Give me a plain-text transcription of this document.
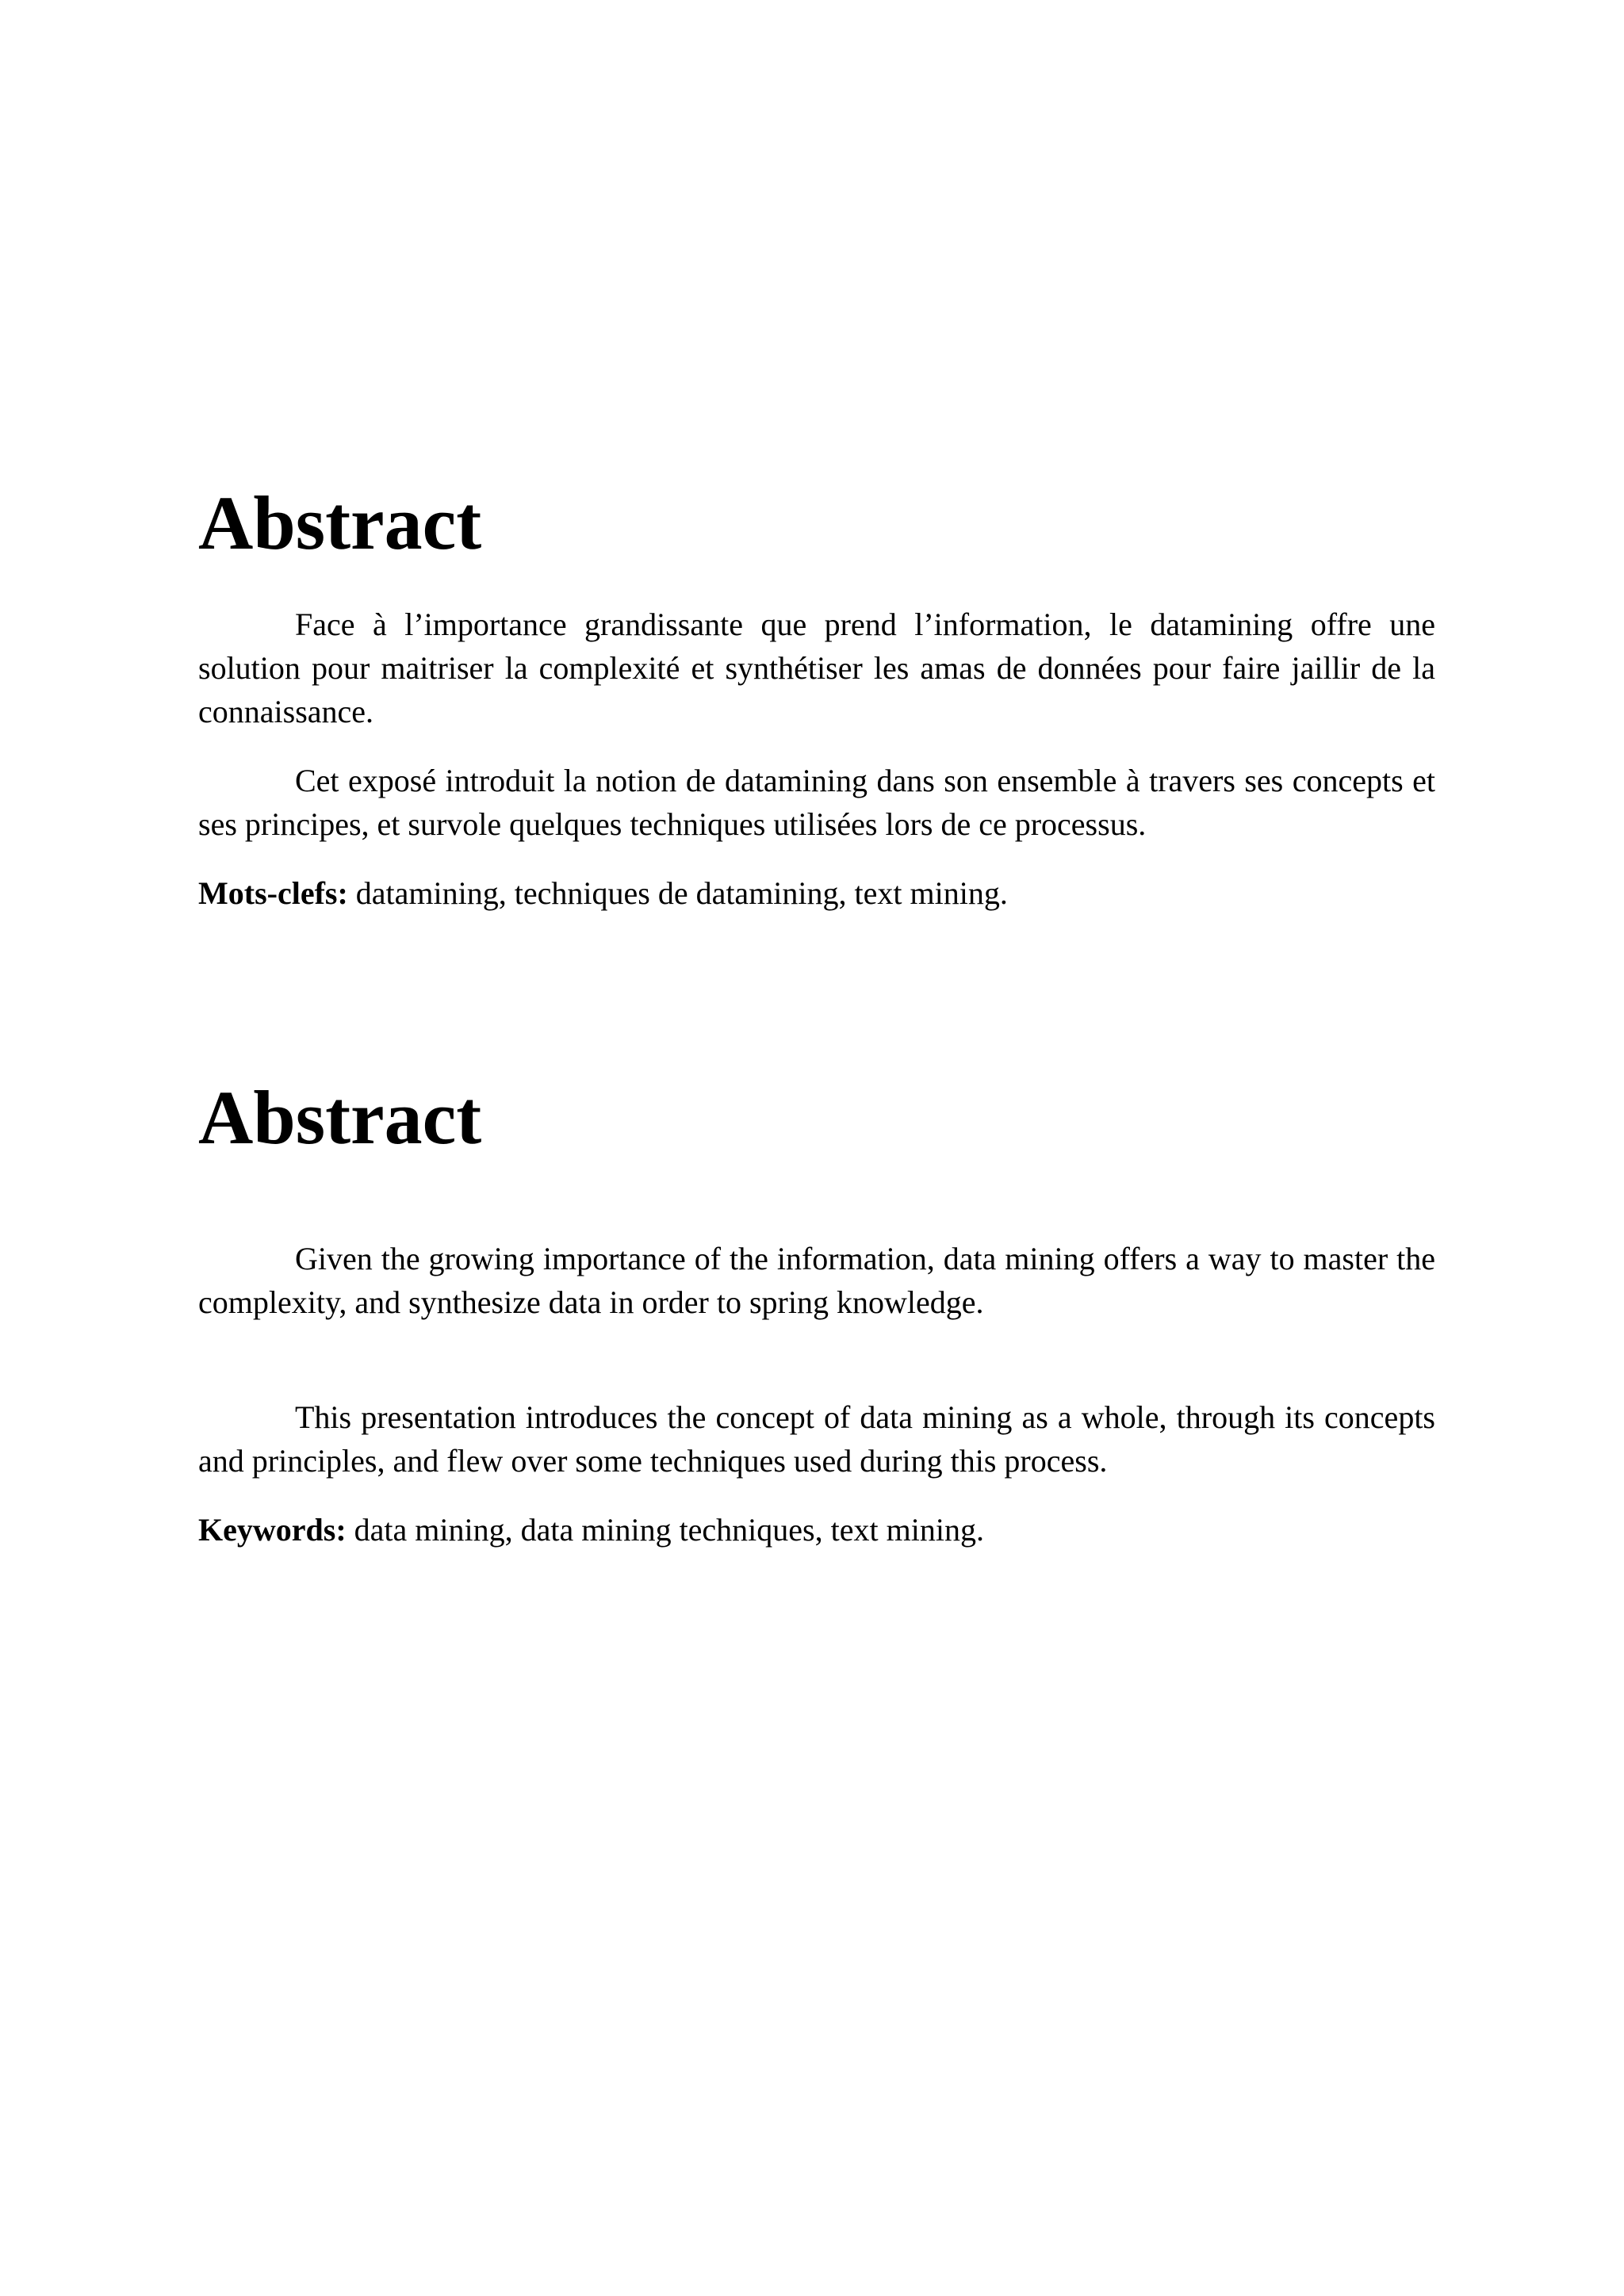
Abstract

Face à l’importance grandissante que prend l’information, le datamining offre une solution pour maitriser la complexité et synthétiser les amas de données pour faire jaillir de la connaissance.

Cet exposé introduit la notion de datamining dans son ensemble à travers ses concepts et ses principes, et survole quelques techniques utilisées lors de ce processus.

Mots-clefs: datamining, techniques de datamining, text mining.

Abstract

Given the growing importance of the information, data mining offers a way to master the complexity, and synthesize data in order to spring knowledge.

This presentation introduces the concept of data mining as a whole, through its concepts and principles, and flew over some techniques used during this process.

Keywords: data mining, data mining techniques, text mining.
